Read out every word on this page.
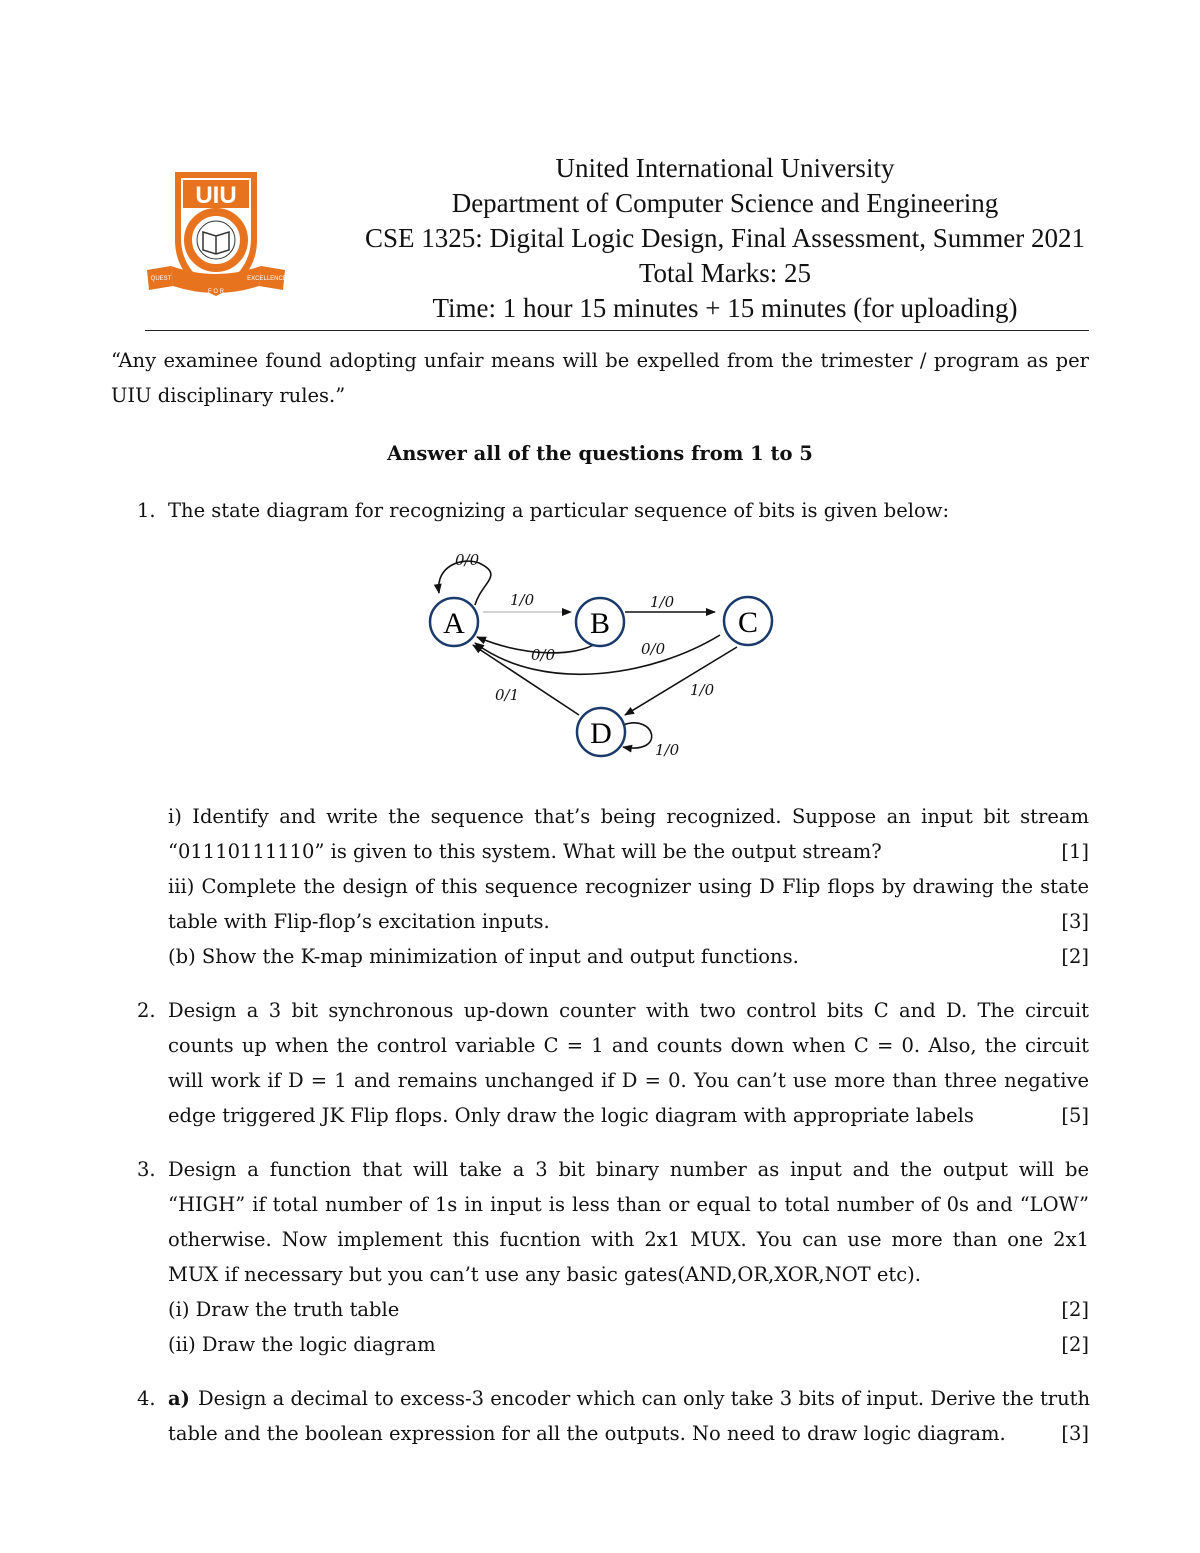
UIU
QUEST
F O R
EXCELLENCE
United International University
Department of Computer Science and Engineering
CSE 1325: Digital Logic Design, Final Assessment, Summer 2021
Total Marks: 25
Time: 1 hour 15 minutes + 15 minutes (for uploading)
“Any examinee found adopting unfair means will be expelled from the trimester / program as per
UIU disciplinary rules.”
Answer all of the questions from 1 to 5
1. The state diagram for recognizing a particular sequence of bits is given below:
A	B	C
D
0/0
1/0	1/0
0/0	0/0
1/0
0/1
1/0
i) Identify and write the sequence that’s being recognized. Suppose an input bit stream
“01110111110” is given to this system. What will be the output stream?	[1]
iii) Complete the design of this sequence recognizer using D Flip flops by drawing the state
table with Flip-flop’s excitation inputs.	[3]
(b) Show the K-map minimization of input and output functions.	[2]
2. Design a 3 bit synchronous up-down counter with two control bits C and D. The circuit
counts up when the control variable C = 1 and counts down when C = 0. Also, the circuit
will work if D = 1 and remains unchanged if D = 0. You can’t use more than three negative
edge triggered JK Flip flops. Only draw the logic diagram with appropriate labels	[5]
3. Design a function that will take a 3 bit binary number as input and the output will be
“HIGH” if total number of 1s in input is less than or equal to total number of 0s and “LOW”
otherwise. Now implement this fucntion with 2x1 MUX. You can use more than one 2x1
MUX if necessary but you can’t use any basic gates(AND,OR,XOR,NOT etc).
(i) Draw the truth table	[2]
(ii) Draw the logic diagram	[2]
4. a) Design a decimal to excess-3 encoder which can only take 3 bits of input. Derive the truth
table and the boolean expression for all the outputs. No need to draw logic diagram.	[3]
